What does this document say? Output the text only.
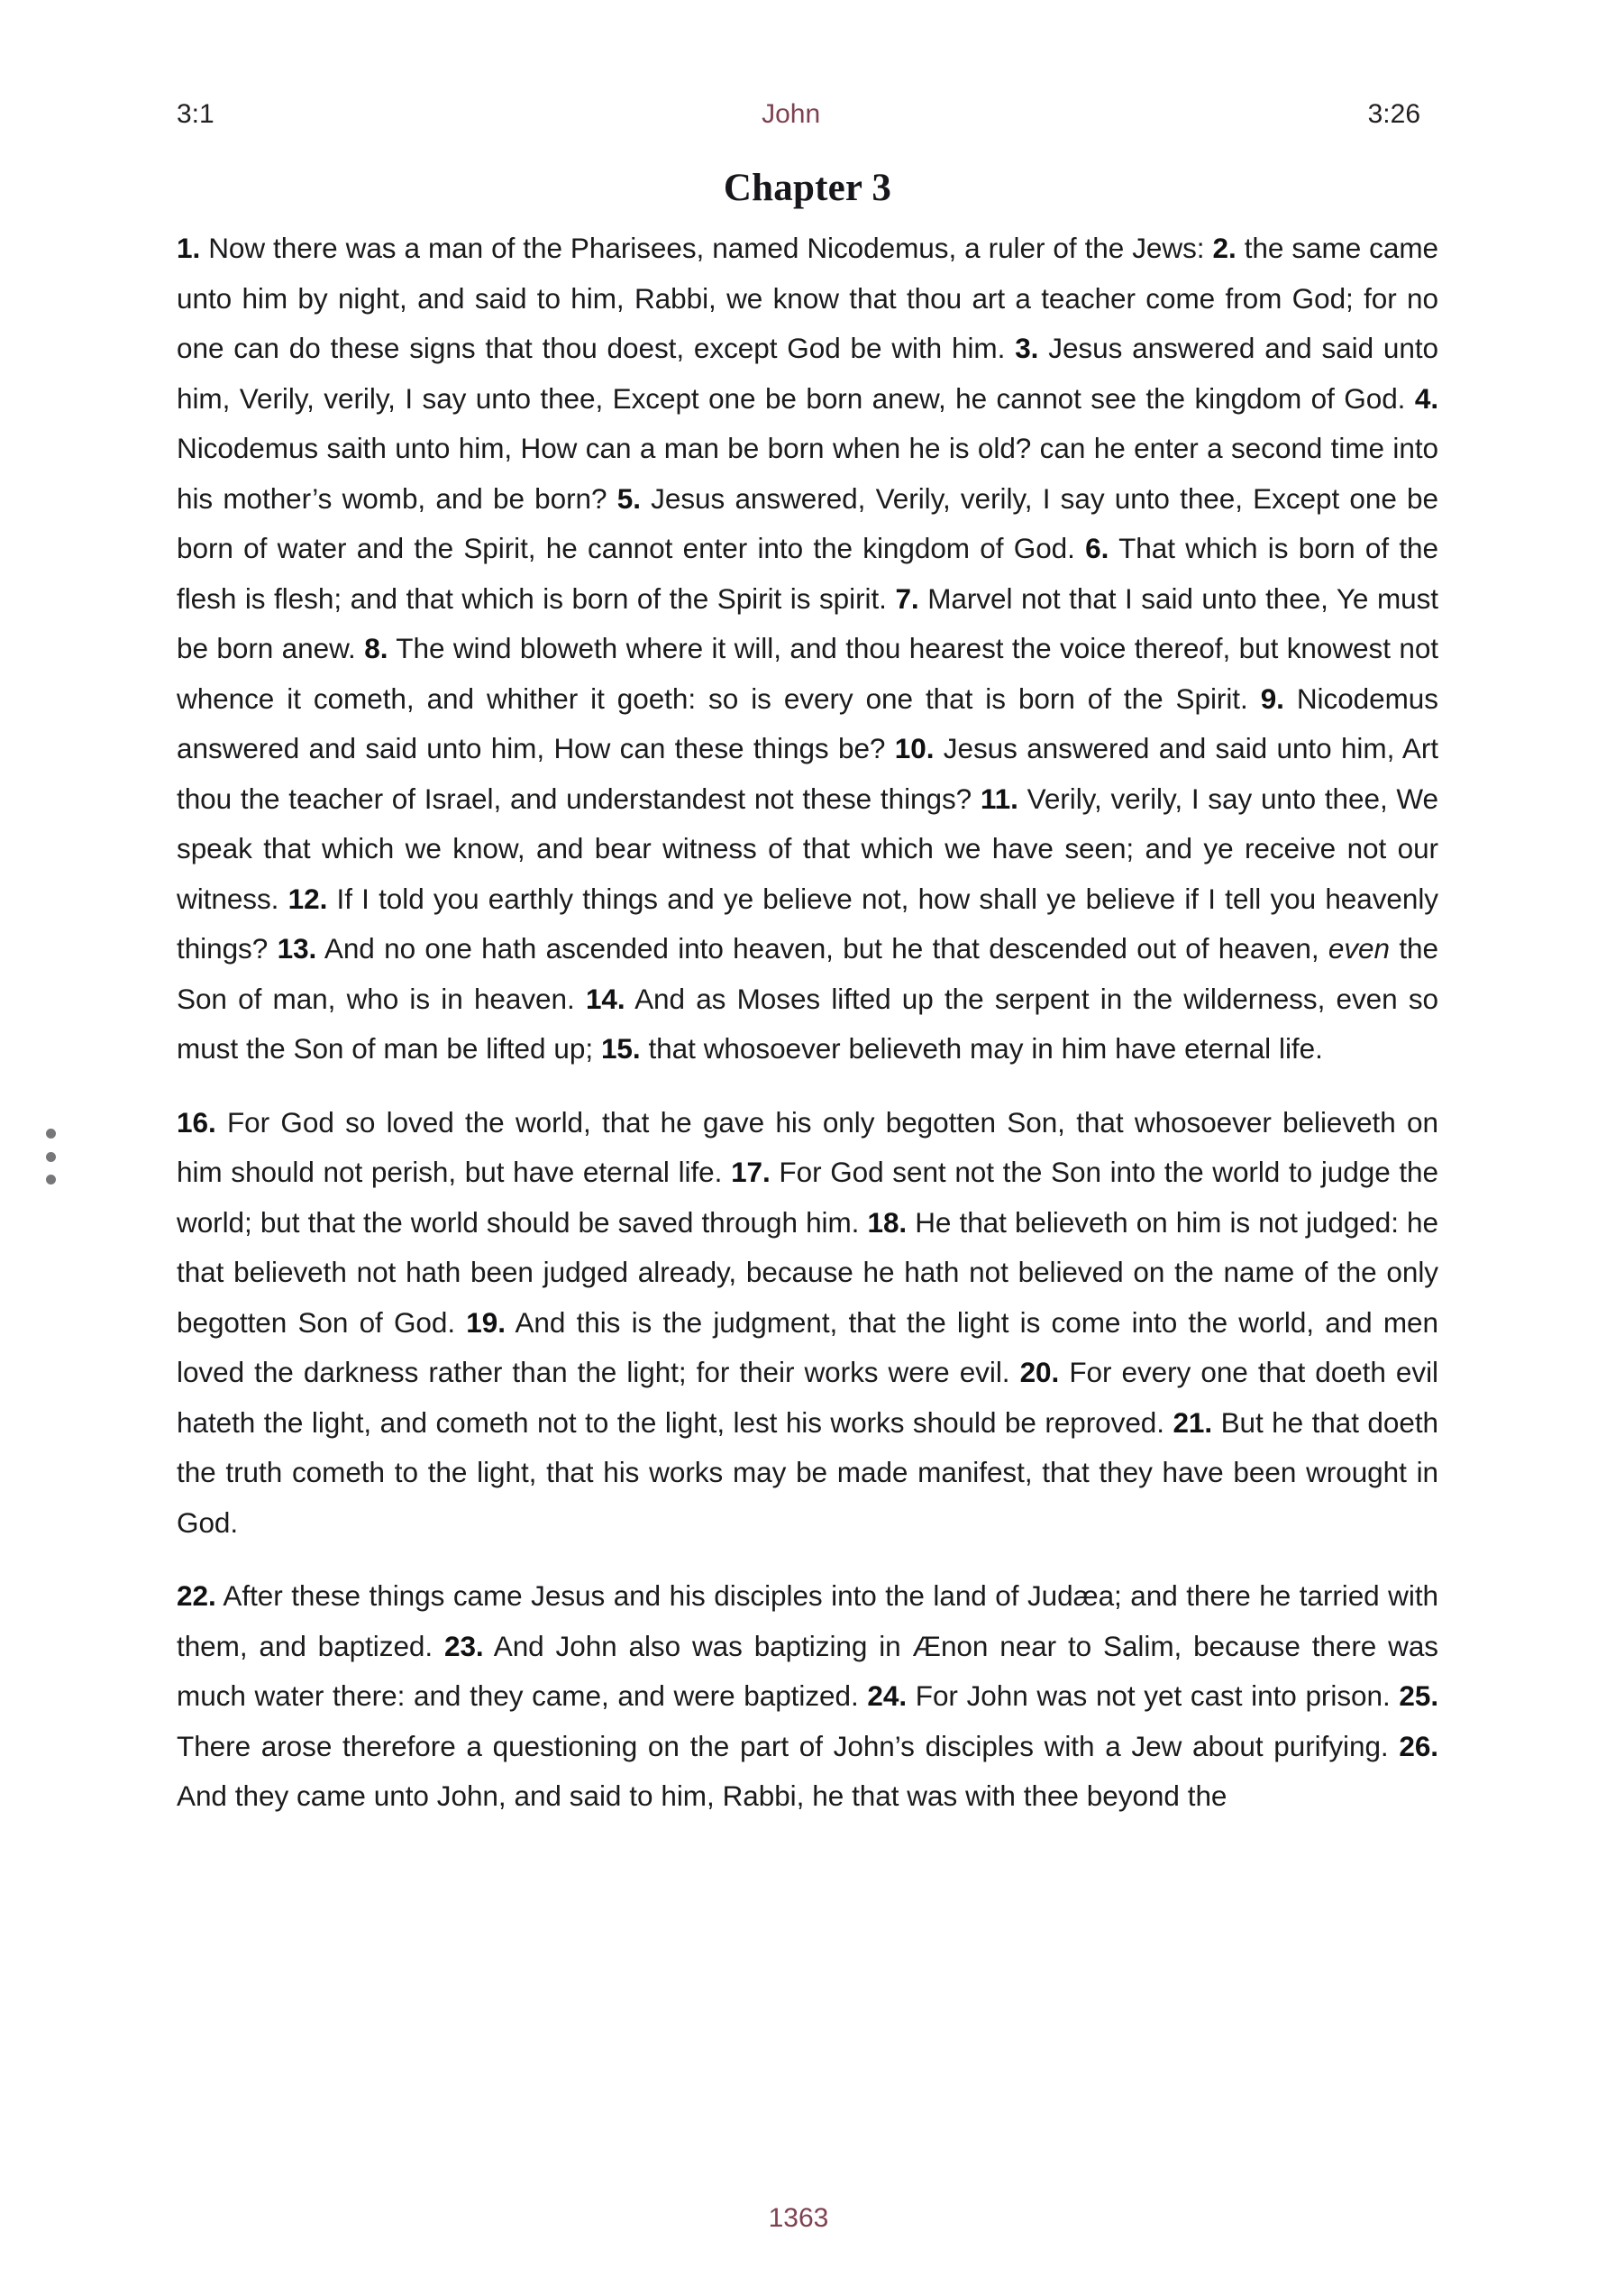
3:1	John	3:26
Chapter 3

1. Now there was a man of the Pharisees, named Nicodemus, a ruler of the Jews: 2. the same came unto him by night, and said to him, Rabbi, we know that thou art a teacher come from God; for no one can do these signs that thou doest, except God be with him. 3. Jesus answered and said unto him, Verily, verily, I say unto thee, Except one be born anew, he cannot see the kingdom of God. 4. Nicodemus saith unto him, How can a man be born when he is old? can he enter a second time into his mother’s womb, and be born? 5. Jesus answered, Verily, verily, I say unto thee, Except one be born of water and the Spirit, he cannot enter into the kingdom of God. 6. That which is born of the flesh is flesh; and that which is born of the Spirit is spirit. 7. Marvel not that I said unto thee, Ye must be born anew. 8. The wind bloweth where it will, and thou hearest the voice thereof, but knowest not whence it cometh, and whither it goeth: so is every one that is born of the Spirit. 9. Nicodemus answered and said unto him, How can these things be? 10. Jesus answered and said unto him, Art thou the teacher of Israel, and understandest not these things? 11. Verily, verily, I say unto thee, We speak that which we know, and bear witness of that which we have seen; and ye receive not our witness. 12. If I told you earthly things and ye believe not, how shall ye believe if I tell you heavenly things? 13. And no one hath ascended into heaven, but he that descended out of heaven, even the Son of man, who is in heaven. 14. And as Moses lifted up the serpent in the wilderness, even so must the Son of man be lifted up; 15. that whosoever believeth may in him have eternal life.

16. For God so loved the world, that he gave his only begotten Son, that whosoever believeth on him should not perish, but have eternal life. 17. For God sent not the Son into the world to judge the world; but that the world should be saved through him. 18. He that believeth on him is not judged: he that believeth not hath been judged already, because he hath not believed on the name of the only begotten Son of God. 19. And this is the judgment, that the light is come into the world, and men loved the darkness rather than the light; for their works were evil. 20. For every one that doeth evil hateth the light, and cometh not to the light, lest his works should be reproved. 21. But he that doeth the truth cometh to the light, that his works may be made manifest, that they have been wrought in God.

22. After these things came Jesus and his disciples into the land of Judæa; and there he tarried with them, and baptized. 23. And John also was baptizing in Ænon near to Salim, because there was much water there: and they came, and were baptized. 24. For John was not yet cast into prison. 25. There arose therefore a questioning on the part of John’s disciples with a Jew about purifying. 26. And they came unto John, and said to him, Rabbi, he that was with thee beyond the

1363
